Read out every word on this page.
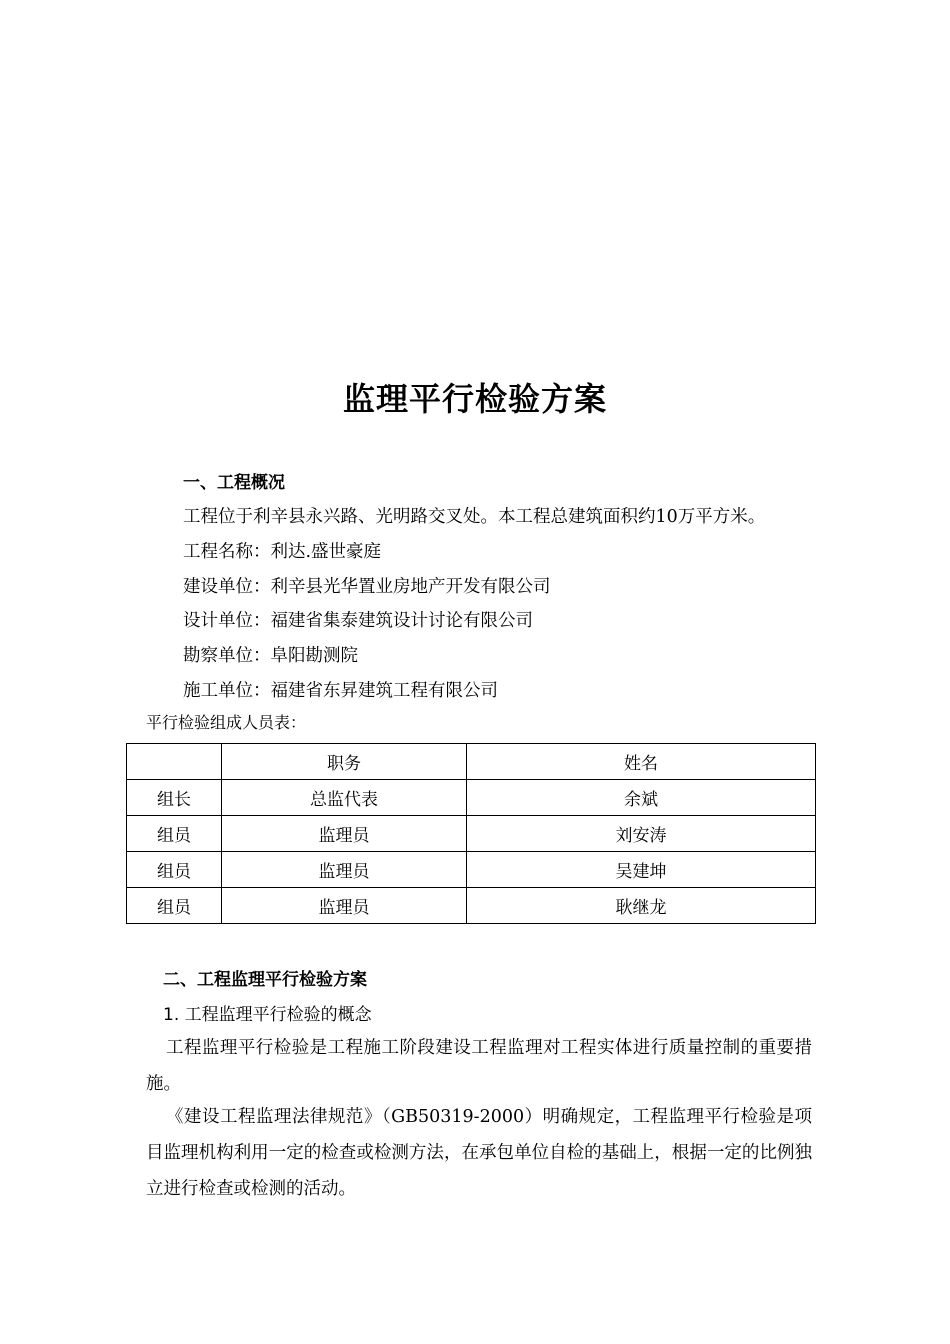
监理平行检验方案
一、工程概况
工程位于利辛县永兴路、光明路交叉处。本工程总建筑面积约10万平方米。
工程名称：利达.盛世豪庭
建设单位：利辛县光华置业房地产开发有限公司
设计单位：福建省集泰建筑设计讨论有限公司
勘察单位：阜阳勘测院
施工单位：福建省东昇建筑工程有限公司
平行检验组成人员表：
	职务	姓名
组长	总监代表	余斌
组员	监理员	刘安涛
组员	监理员	吴建坤
组员	监理员	耿继龙
二、工程监理平行检验方案
1. 工程监理平行检验的概念

工程监理平行检验是工程施工阶段建设工程监理对工程实体进行质量控制的重要措施。

《建设工程监理法律规范》（GB50319-2000）明确规定，工程监理平行检验是项目监理机构利用一定的检查或检测方法，在承包单位自检的基础上，根据一定的比例独立进行检查或检测的活动。
